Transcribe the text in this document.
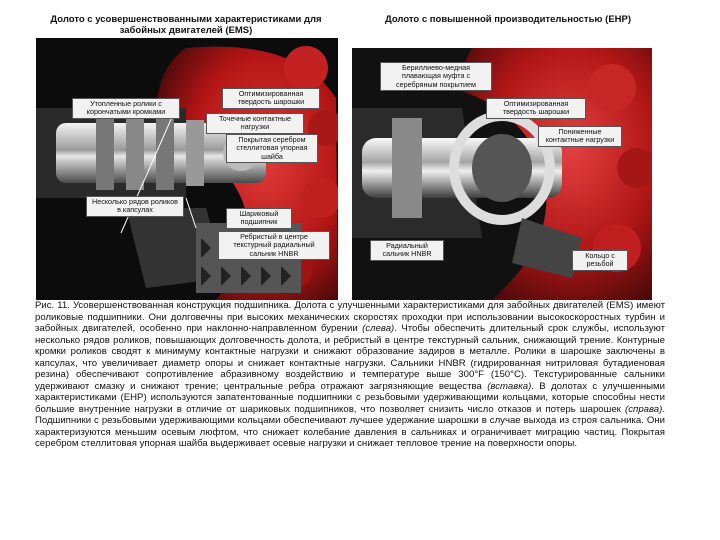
Долото с усовершенствованными характеристиками для забойных двигателей (EMS)
Долото с повышенной производительностью (EHP)
Утопленные ролики с корончатыми кромками
Оптимизированная твердость шарошки
Точечные контактные нагрузки
Покрытая серебром стеллитовая упорная шайба
Несколько рядов роликов в капсулах	Шариковый подшипник
Ребристый в центре текстурный радиальный сальник HNBR
Бериллиево-медная плавающая муфта с серебряным покрытием
Оптимизированная твердость шарошки
Пониженные контактные нагрузки
Радиальный сальник HNBR	Кольцо с резьбой
Рис. 11. Усовершенствованная конструкция подшипника. Долота с улучшенными характеристиками для забойных двигателей (EMS) имеют роликовые подшипники. Они долговечны при высоких механических скоростях проходки при использовании высокоскоростных турбин и забойных двигателей, особенно при наклонно-направленном бурении (слева). Чтобы обеспечить длительный срок службы, используют несколько рядов роликов, повышающих долговечность долота, и ребристый в центре текстурный сальник, снижающий трение. Контурные кромки роликов сводят к минимуму контактные нагрузки и снижают образование задиров в металле. Ролики в шарошке заключены в капсулах, что увеличивает диаметр опоры и снижает контактные нагрузки. Сальники HNBR (гидрированная нитриловая бутадиеновая резина) обеспечивают сопротивление абразивному воздействию и температуре выше 300°F (150°C). Текстурированные сальники удерживают смазку и снижают трение; центральные ребра отражают загрязняющие вещества (вставка). В долотах с улучшенными характеристиками (EHP) используются запатентованные подшипники с резьбовыми удерживающими кольцами, которые способны нести большие внутренние нагрузки в отличие от шариковых подшипников, что позволяет снизить число отказов и потерь шарошек (справа). Подшипники с резьбовыми удерживающими кольцами обеспечивают лучшее удержание шарошки в случае выхода из строя сальника. Они характеризуются меньшим осевым люфтом, что снижает колебание давления в сальниках и ограничивает миграцию частиц. Покрытая серебром стеллитовая упорная шайба выдерживает осевые нагрузки и снижает тепловое трение на поверхности опоры.
